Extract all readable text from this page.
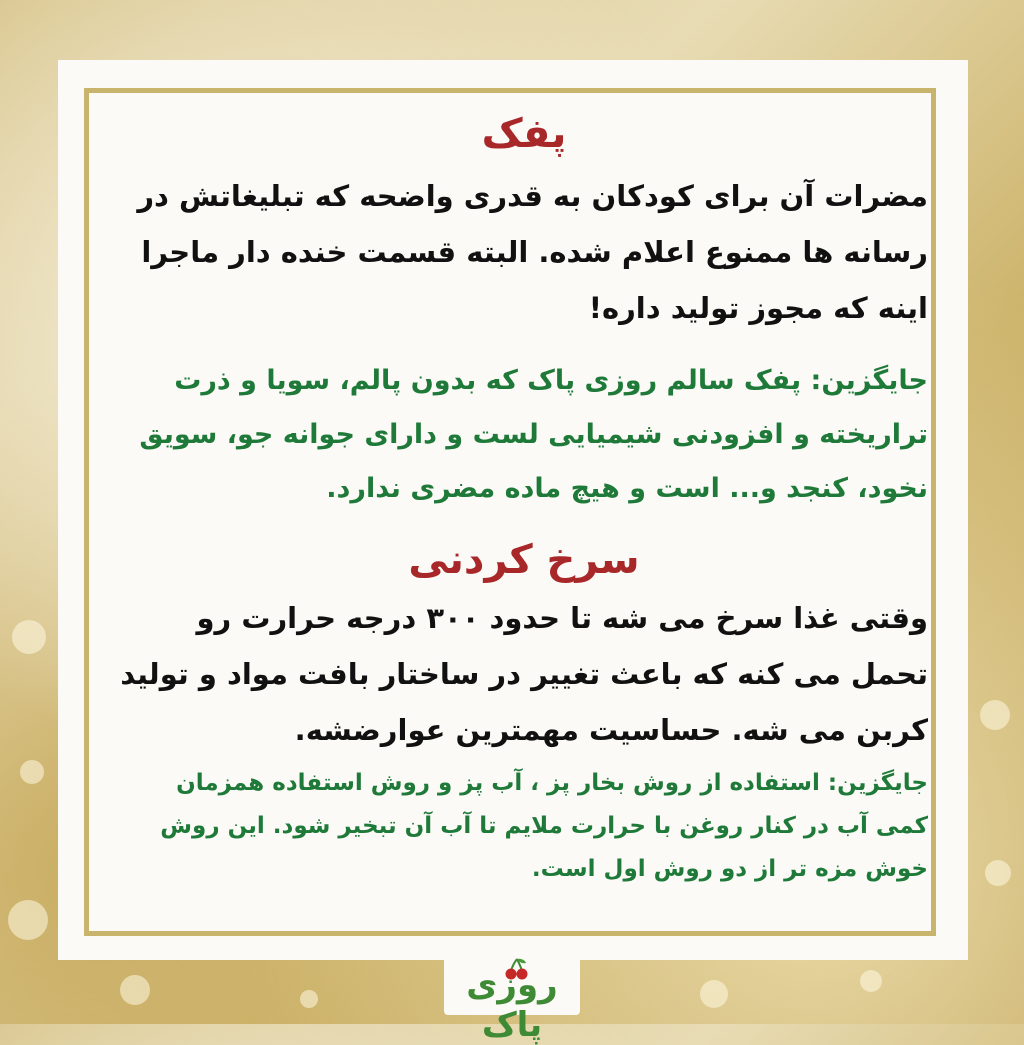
پفک

مضرات آن برای کودکان به قدری واضحه که تبلیغاتش در رسانه ها ممنوع اعلام شده. البته قسمت خنده دار ماجرا اینه که مجوز تولید داره!

جایگزین: پفک سالم روزی پاک که بدون پالم، سویا و ذرت تراریخته و افزودنی شیمیایی لست و دارای جوانه جو، سویق نخود، کنجد و... است و هیچ ماده مضری ندارد.

سرخ کردنی

وقتی غذا سرخ می شه تا حدود ۳۰۰ درجه حرارت رو تحمل می کنه که باعث تغییر در ساختار بافت مواد و تولید کربن می شه. حساسیت مهمترین عوارضشه.

جایگزین: استفاده از روش بخار پز ، آب پز و روش استفاده همزمان کمی آب در کنار روغن با حرارت ملایم تا آب آن تبخیر شود. این روش خوش مزه تر از دو روش اول است.

روزی پاک
